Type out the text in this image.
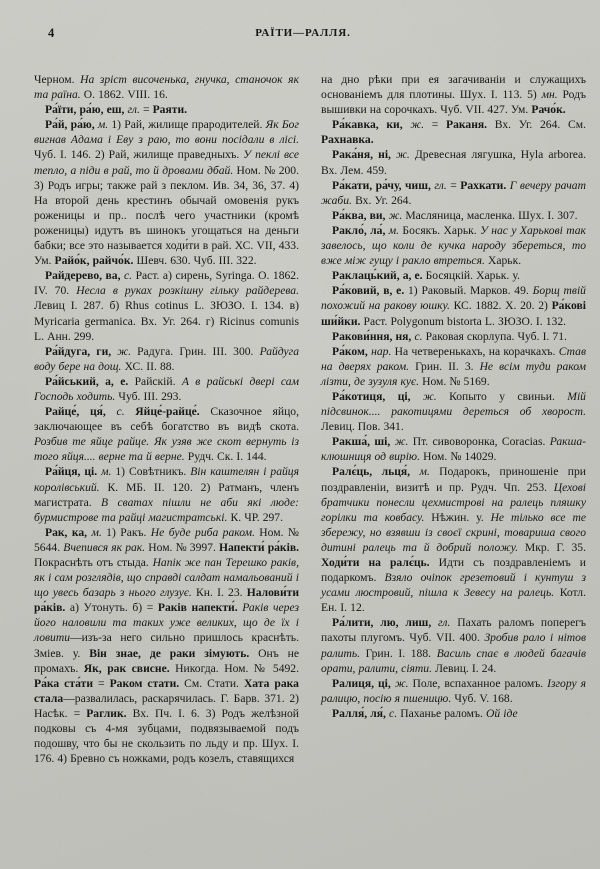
4	РАЇТИ—РАЛЛЯ.

Черном. На зріст височенька, гнучка, станочок як та раїна. О. 1862. VIII. 16.

Ра́їти, ра́ю, еш, гл. = Раяти.

Ра́й, ра́ю, м. 1) Рай, жилище прародителей. Як Бог вигнав Адама і Еву з раю, то вони посідали в лісі. Чуб. I. 146. 2) Рай, жилище праведныхъ. У пеклі все тепло, а піди в рай, то й дровами дбай. Ном. № 200. 3) Родъ игры; также рай з пеклом. Ив. 34, 36, 37. 4) На второй день крестинъ обычай омовенія рукъ роженицы и пр.. послѣ чего участники (кромѣ роженицы) идутъ въ шинокъ угощаться на деньги бабки; все это называется ходи́ти в рай. ХС. VII, 433. Ум. Райо́к, райчо́к. Шевч. 630. Чуб. III. 322.

Райдерево, ва, с. Раст. а) сирень, Syringa. О. 1862. IV. 70. Несла в руках розкішну гільку райдерева. Левиц I. 287. б) Rhus cotinus L. ЗЮЗО. I. 134. в) Myricaria germanica. Вх. Уг. 264. г) Ricinus comunis L. Анн. 299.

Ра́йдуга, ги, ж. Радуга. Грин. III. 300. Райдуга воду бере на дощ. ХС. II. 88.

Ра́йський, а, е. Райскій. А в райські двері сам Господь ходить. Чуб. III. 293.

Райце́, ця́, с. Яйце́-райце́. Сказочное яйцо, заключающее въ себѣ богатство въ видѣ скота. Розбив те яйце райце. Як узяв же скот вернуть із того яйця.... верне та й верне. Рудч. Ск. I. 144.

Ра́йця, ці. м. 1) Совѣтникъ. Він каштелян і райця королівський. К. МБ. II. 120. 2) Ратманъ, членъ магистрата. В сватах пішли не аби які люде: бурмистрове та райці магистратські. К. ЧР. 297.

Рак, ка, м. 1) Ракъ. Не буде риба раком. Ном. № 5644. Вчепився як рак. Ном. № 3997. Напекти́ ра́ків. Покраснѣть отъ стыда. Напік же пан Терешко раків, як і сам розглядів, що справді салдат намальований і що увесь базарь з нього глузує. Кн. I. 23. Налови́ти ра́ків. а) Утонуть. б) = Раків напекти́. Раків через його наловили та таких уже великих, що де їх і ловити—изъ-за него сильно пришлось краснѣть. Зміев. у. Він знае, де раки зімують. Онъ не промахъ. Як, рак свисне. Никогда. Ном. № 5492. Ра́ка ста́ти = Раком стати. См. Стати. Хата рака стала—развалилась, раскарячилась. Г. Барв. 371. 2) Насѣк. = Раглик. Вх. Пч. I. 6. 3) Родъ желѣзной подковы съ 4-мя зубцами, подвязываемой подъ подошву, что бы не скользить по льду и пр. Шух. I. 176. 4) Бревно съ ножками, родъ козелъ, ставящихся

на дно рѣки при ея загачиваніи и служащихъ основаніемъ для плотины. Шух. I. 113. 5) мн. Родъ вышивки на сорочкахъ. Чуб. VII. 427. Ум. Рачо́к.

Ра́кавка, ки, ж. = Раканя. Вх. Уг. 264. См. Рахнавка.

Рака́ня, ні, ж. Древесная лягушка, Hyla arborea. Вх. Лем. 459.

Ра́кати, ра́чу, чиш, гл. = Рахкати. Г вечеру рачат жаби. Вх. Уг. 264.

Ра́ква, ви, ж. Масляница, масленка. Шух. I. 307.

Ракло́, ла́, м. Босякъ. Харьк. У нас у Харькові так завелось, що коли де кучка народу збереться, то вже між гущу і ракло втреться. Харьк.

Раклаць́кий, а, е. Босяцкій. Харьк. у.

Ра́ковий, в, е. 1) Раковый. Марков. 49. Борщ твій похожий на ракову юшку. КС. 1882. X. 20. 2) Ра́кові ши́йки. Раст. Polygonum bistorta L. ЗЮЗО. I. 132.

Ракови́ння, ня, с. Раковая скорлупа. Чуб. I. 71.

Ра́ком, нар. На четверенькахъ, на корачкахъ. Став на дверях раком. Грин. II. 3. Не всім туди раком лізти, де зузуля кує. Ном. № 5169.

Ра́котиця, ці, ж. Копыто у свиньи. Мій підсвинок.... ракотицями дереться об хворост. Левиц. Пов. 341.

Ракша́, ші, ж. Пт. сивоворонка, Coracias. Ракша-клюшниця од вирію. Ном. № 14029.

Ралє́ць, льця́, м. Подарокъ, приношеніе при поздравленіи, визитѣ и пр. Рудч. Чп. 253. Цехові братчики понесли цехмистрові на ралець пляшку горілки та ковбасу. Нѣжин. у. Не тілько все те збережу, но взявши із своєї скрині, товариша свого дитині ралець та й добрий положу. Мкр. Г. 35. Ходи́ти на ралє́ць. Идти съ поздравленіемъ и подаркомъ. Взяло очіпок грезетовий і кунтуш з усами люстровий, пішла к Зевесу на ралець. Котл. Ен. I. 12.

Ра́лити, лю, лиш, гл. Пахать раломъ поперегъ пахоты плугомъ. Чуб. VII. 400. Зробив рало і нітов ралить. Грин. I. 188. Василь спає в людей багачів орати, ралити, сіяти. Левиц. I. 24.

Ралиця, ці, ж. Поле, вспаханное раломъ. Ізгору я ралицю, посію я пшеницю. Чуб. V. 168.

Ралля́, ля́, с. Паханье раломъ. Ой іде
